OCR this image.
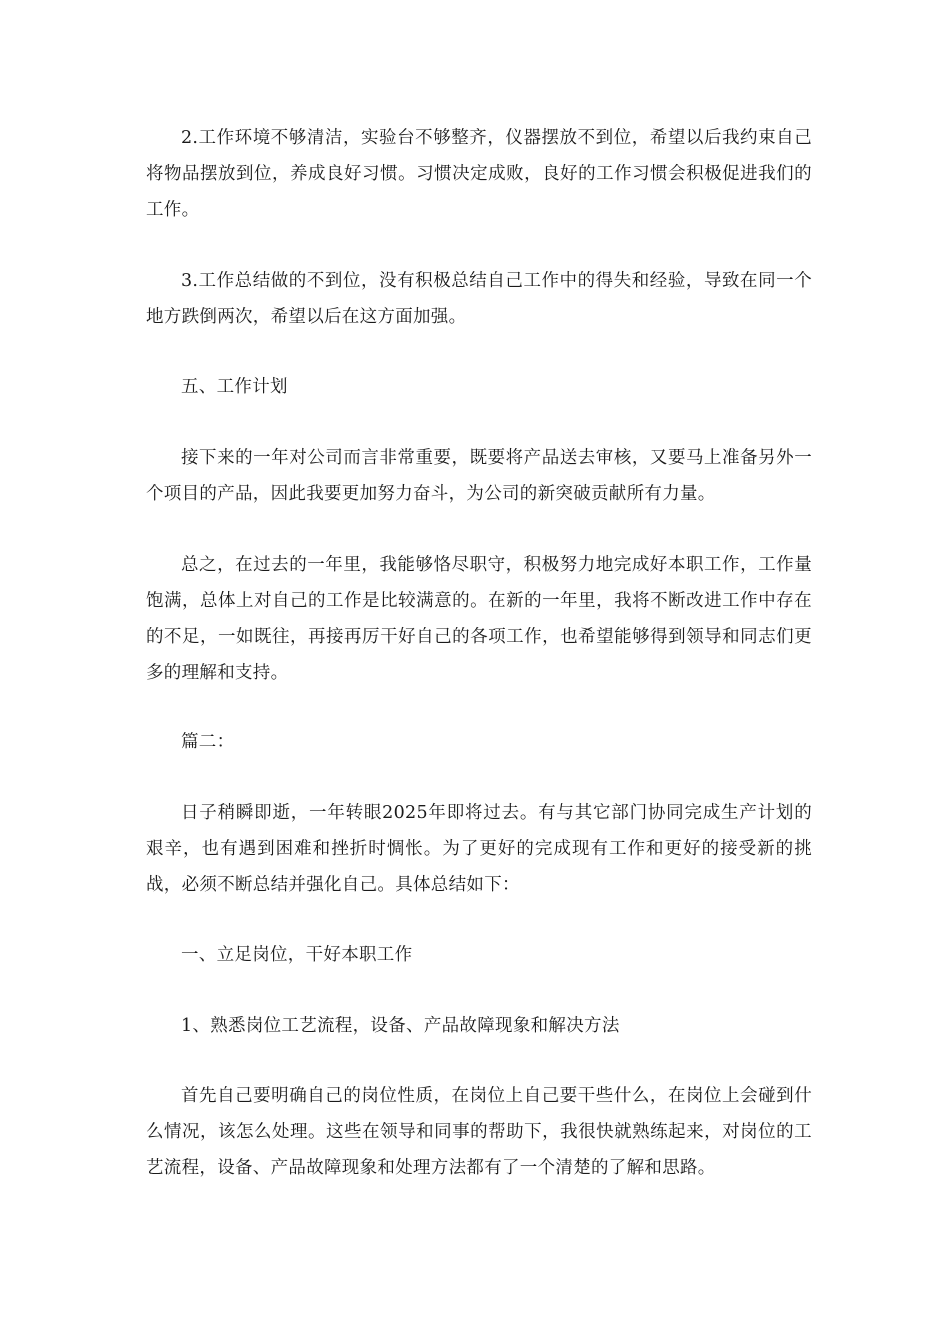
2.工作环境不够清洁，实验台不够整齐，仪器摆放不到位，希望以后我约束自己将物品摆放到位，养成良好习惯。习惯决定成败，良好的工作习惯会积极促进我们的工作。

3.工作总结做的不到位，没有积极总结自己工作中的得失和经验，导致在同一个地方跌倒两次，希望以后在这方面加强。

五、工作计划

接下来的一年对公司而言非常重要，既要将产品送去审核，又要马上准备另外一个项目的产品，因此我要更加努力奋斗，为公司的新突破贡献所有力量。

总之，在过去的一年里，我能够恪尽职守，积极努力地完成好本职工作，工作量饱满，总体上对自己的工作是比较满意的。在新的一年里，我将不断改进工作中存在的不足，一如既往，再接再厉干好自己的各项工作，也希望能够得到领导和同志们更多的理解和支持。

篇二：

日子稍瞬即逝，一年转眼2025年即将过去。有与其它部门协同完成生产计划的艰辛，也有遇到困难和挫折时惆怅。为了更好的完成现有工作和更好的接受新的挑战，必须不断总结并强化自己。具体总结如下：

一、立足岗位，干好本职工作

1、熟悉岗位工艺流程，设备、产品故障现象和解决方法

首先自己要明确自己的岗位性质，在岗位上自己要干些什么，在岗位上会碰到什么情况，该怎么处理。这些在领导和同事的帮助下，我很快就熟练起来，对岗位的工艺流程，设备、产品故障现象和处理方法都有了一个清楚的了解和思路。
